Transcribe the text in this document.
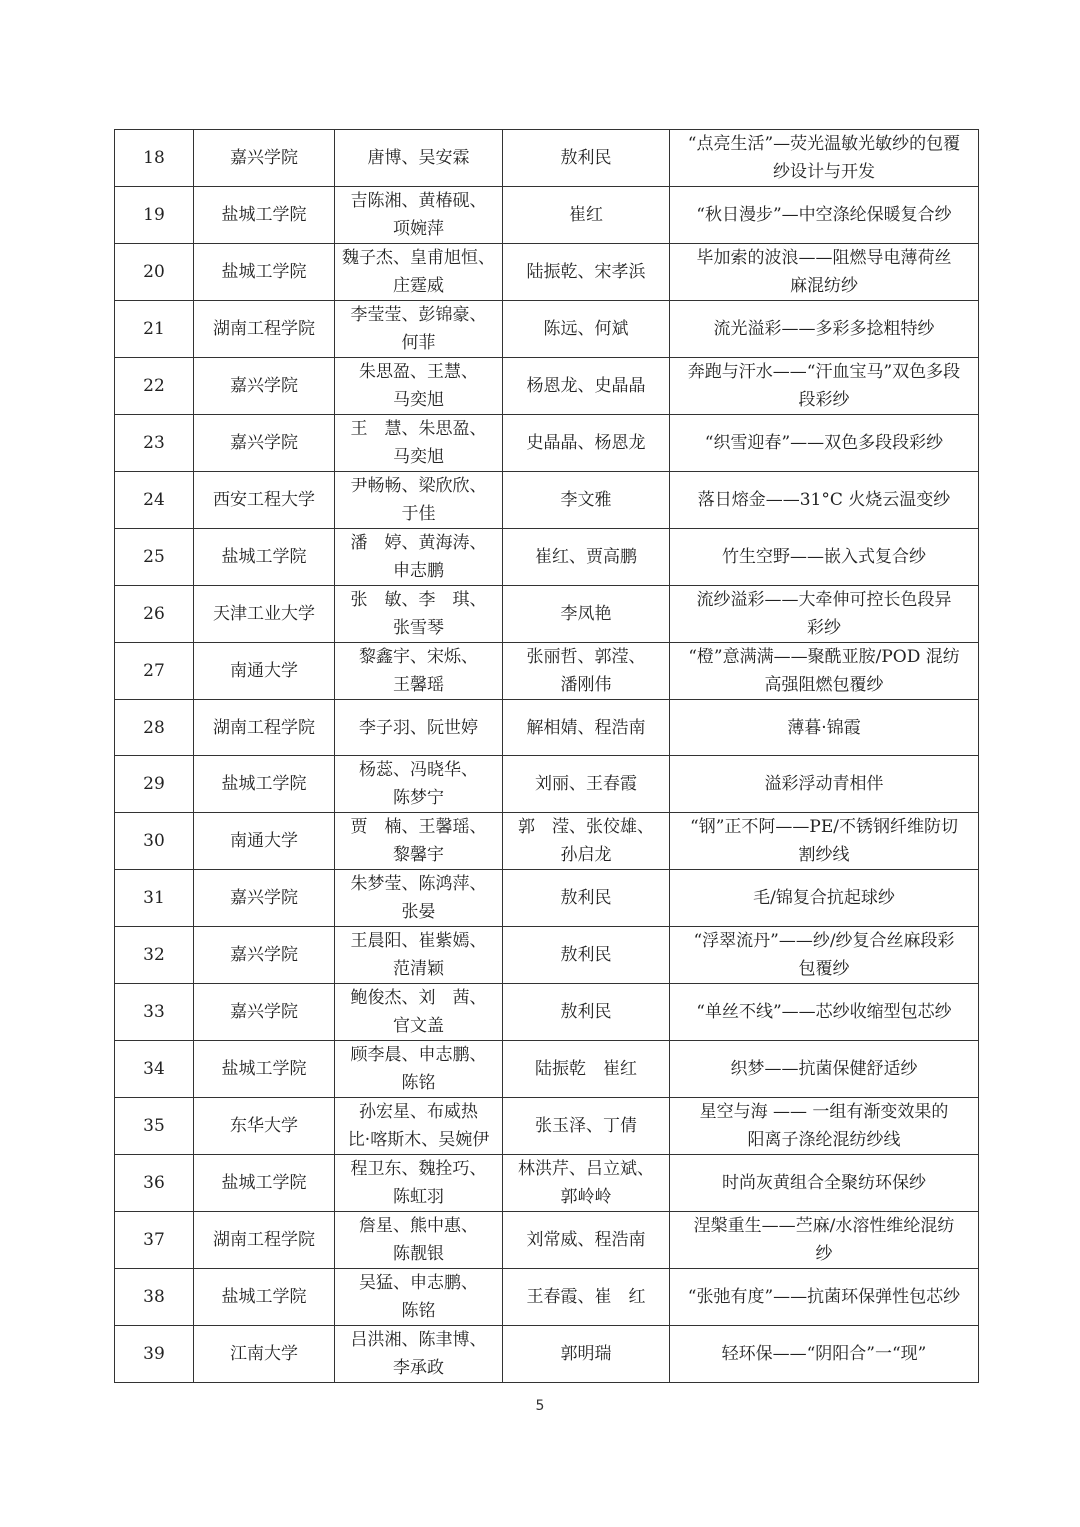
18	嘉兴学院	唐博、吴安霖	敖利民	“点亮生活”—荧光温敏光敏纱的包覆
纱设计与开发

19	盐城工学院	吉陈湘、黄椿砚、
项婉萍	崔红	“秋日漫步”—中空涤纶保暖复合纱

20	盐城工学院	魏子杰、皇甫旭恒、
庄霆威	陆振乾、宋孝浜	毕加索的波浪——阻燃导电薄荷丝
麻混纺纱

21	湖南工程学院	李莹莹、彭锦豪、
何菲	陈远、何斌	流光溢彩——多彩多捻粗特纱

22	嘉兴学院	朱思盈、王慧、
马奕旭	杨恩龙、史晶晶	奔跑与汗水——“汗血宝马”双色多段
段彩纱

23	嘉兴学院	王　慧、朱思盈、
马奕旭	史晶晶、杨恩龙	“织雪迎春”——双色多段段彩纱

24	西安工程大学	尹畅畅、梁欣欣、
于佳	李文雅	落日熔金——31°C 火烧云温变纱

25	盐城工学院	潘　婷、黄海涛、
申志鹏	崔红、贾高鹏	竹生空野——嵌入式复合纱

26	天津工业大学	张　敏、李　琪、
张雪琴	李凤艳	流纱溢彩——大牵伸可控长色段异
彩纱

27	南通大学	黎鑫宇、宋烁、
王馨瑶	张丽哲、郭滢、
潘刚伟	“橙”意满满——聚酰亚胺/POD 混纺
高强阻燃包覆纱

28	湖南工程学院	李子羽、阮世婷	解相婧、程浩南	薄暮·锦霞

29	盐城工学院	杨蕊、冯晓华、
陈梦宁	刘丽、王春霞	溢彩浮动青相伴

30	南通大学	贾　楠、王馨瑶、
黎馨宇	郭　滢、张佼雄、
孙启龙	“钢”正不阿——PE/不锈钢纤维防切
割纱线

31	嘉兴学院	朱梦莹、陈鸿萍、
张晏	敖利民	毛/锦复合抗起球纱

32	嘉兴学院	王晨阳、崔紫嫣、
范清颖	敖利民	“浮翠流丹”——纱/纱复合丝麻段彩
包覆纱

33	嘉兴学院	鲍俊杰、刘　茜、
官文盖	敖利民	“单丝不线”——芯纱收缩型包芯纱

34	盐城工学院	顾李晨、申志鹏、
陈铭	陆振乾　崔红	织梦——抗菌保健舒适纱

35	东华大学	孙宏星、布威热
比·喀斯木、吴婉伊	张玉泽、丁倩	星空与海 —— 一组有渐变效果的
阳离子涤纶混纺纱线

36	盐城工学院	程卫东、魏拴巧、
陈虹羽	林洪芹、吕立斌、
郭岭岭	时尚灰黄组合全聚纺环保纱

37	湖南工程学院	詹星、熊中惠、
陈靓银	刘常威、程浩南	涅槃重生——苎麻/水溶性维纶混纺
纱

38	盐城工学院	吴猛、申志鹏、
陈铭	王春霞、崔　红	“张弛有度”——抗菌环保弹性包芯纱

39	江南大学	吕洪湘、陈聿博、
李承政	郭明瑞	轻环保——“阴阳合”一“现”
5
